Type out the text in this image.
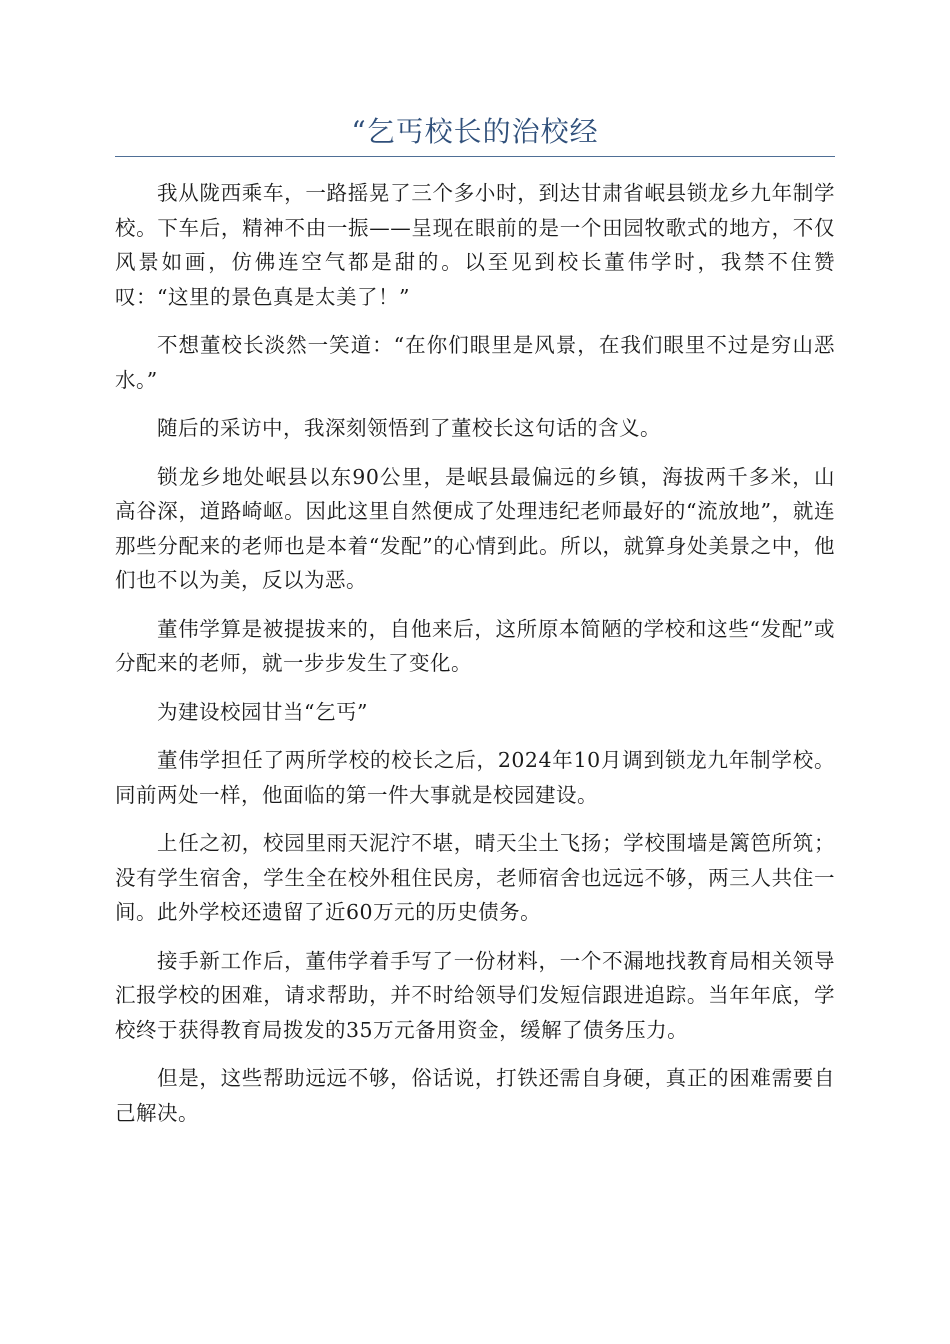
“乞丐校长的治校经

我从陇西乘车，一路摇晃了三个多小时，到达甘肃省岷县锁龙乡九年制学校。下车后，精神不由一振——呈现在眼前的是一个田园牧歌式的地方，不仅风景如画，仿佛连空气都是甜的。以至见到校长董伟学时，我禁不住赞叹：“这里的景色真是太美了！”

不想董校长淡然一笑道：“在你们眼里是风景，在我们眼里不过是穷山恶水。”

随后的采访中，我深刻领悟到了董校长这句话的含义。

锁龙乡地处岷县以东90公里，是岷县最偏远的乡镇，海拔两千多米，山高谷深，道路崎岖。因此这里自然便成了处理违纪老师最好的“流放地”，就连那些分配来的老师也是本着“发配”的心情到此。所以，就算身处美景之中，他们也不以为美，反以为恶。

董伟学算是被提拔来的，自他来后，这所原本简陋的学校和这些“发配”或分配来的老师，就一步步发生了变化。

为建设校园甘当“乞丐”

董伟学担任了两所学校的校长之后，2024年10月调到锁龙九年制学校。同前两处一样，他面临的第一件大事就是校园建设。

上任之初，校园里雨天泥泞不堪，晴天尘土飞扬；学校围墙是篱笆所筑；没有学生宿舍，学生全在校外租住民房，老师宿舍也远远不够，两三人共住一间。此外学校还遗留了近60万元的历史债务。

接手新工作后，董伟学着手写了一份材料，一个不漏地找教育局相关领导汇报学校的困难，请求帮助，并不时给领导们发短信跟进追踪。当年年底，学校终于获得教育局拨发的35万元备用资金，缓解了债务压力。

但是，这些帮助远远不够，俗话说，打铁还需自身硬，真正的困难需要自己解决。
